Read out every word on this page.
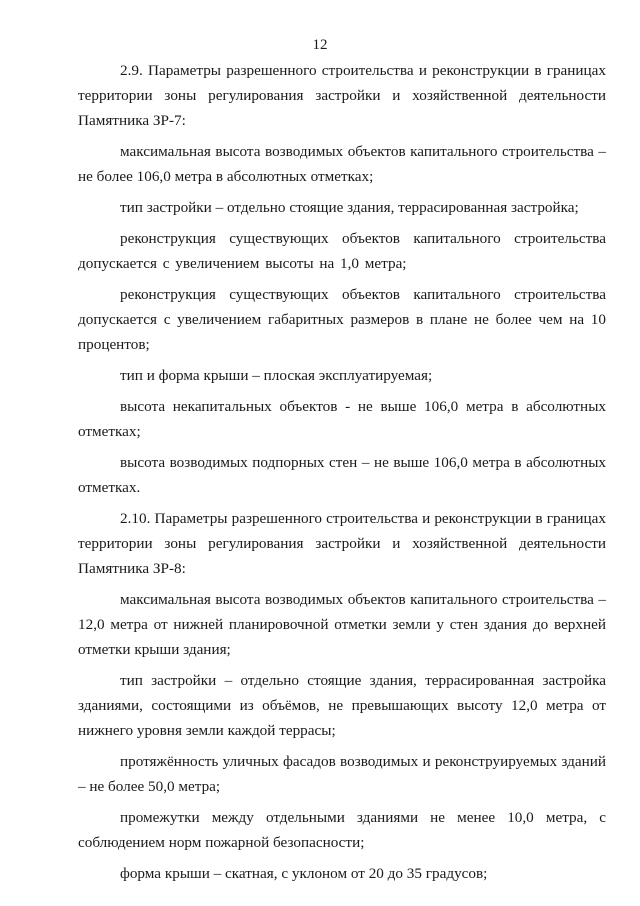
12

2.9. Параметры разрешенного строительства и реконструкции в границах территории зоны регулирования застройки и хозяйственной деятельности Памятника ЗР-7:

максимальная высота возводимых объектов капитального строительства – не более 106,0 метра в абсолютных отметках;

тип застройки – отдельно стоящие здания, террасированная застройка;

реконструкция существующих объектов капитального строительства допускается с увеличением высоты на 1,0 метра;

реконструкция существующих объектов капитального строительства допускается с увеличением габаритных размеров в плане не более чем на 10 процентов;

тип и форма крыши – плоская эксплуатируемая;

высота некапитальных объектов - не выше 106,0 метра в абсолютных отметках;

высота возводимых подпорных стен – не выше 106,0 метра в абсолютных отметках.

2.10. Параметры разрешенного строительства и реконструкции в границах территории зоны регулирования застройки и хозяйственной деятельности Памятника ЗР-8:

максимальная высота возводимых объектов капитального строительства – 12,0 метра от нижней планировочной отметки земли у стен здания до верхней отметки крыши здания;

тип застройки – отдельно стоящие здания, террасированная застройка зданиями, состоящими из объёмов, не превышающих высоту 12,0 метра от нижнего уровня земли каждой террасы;

протяжённость уличных фасадов возводимых и реконструируемых зданий – не более 50,0 метра;

промежутки между отдельными зданиями не менее 10,0 метра, с соблюдением норм пожарной безопасности;

форма крыши – скатная, с уклоном от 20 до 35 градусов;
